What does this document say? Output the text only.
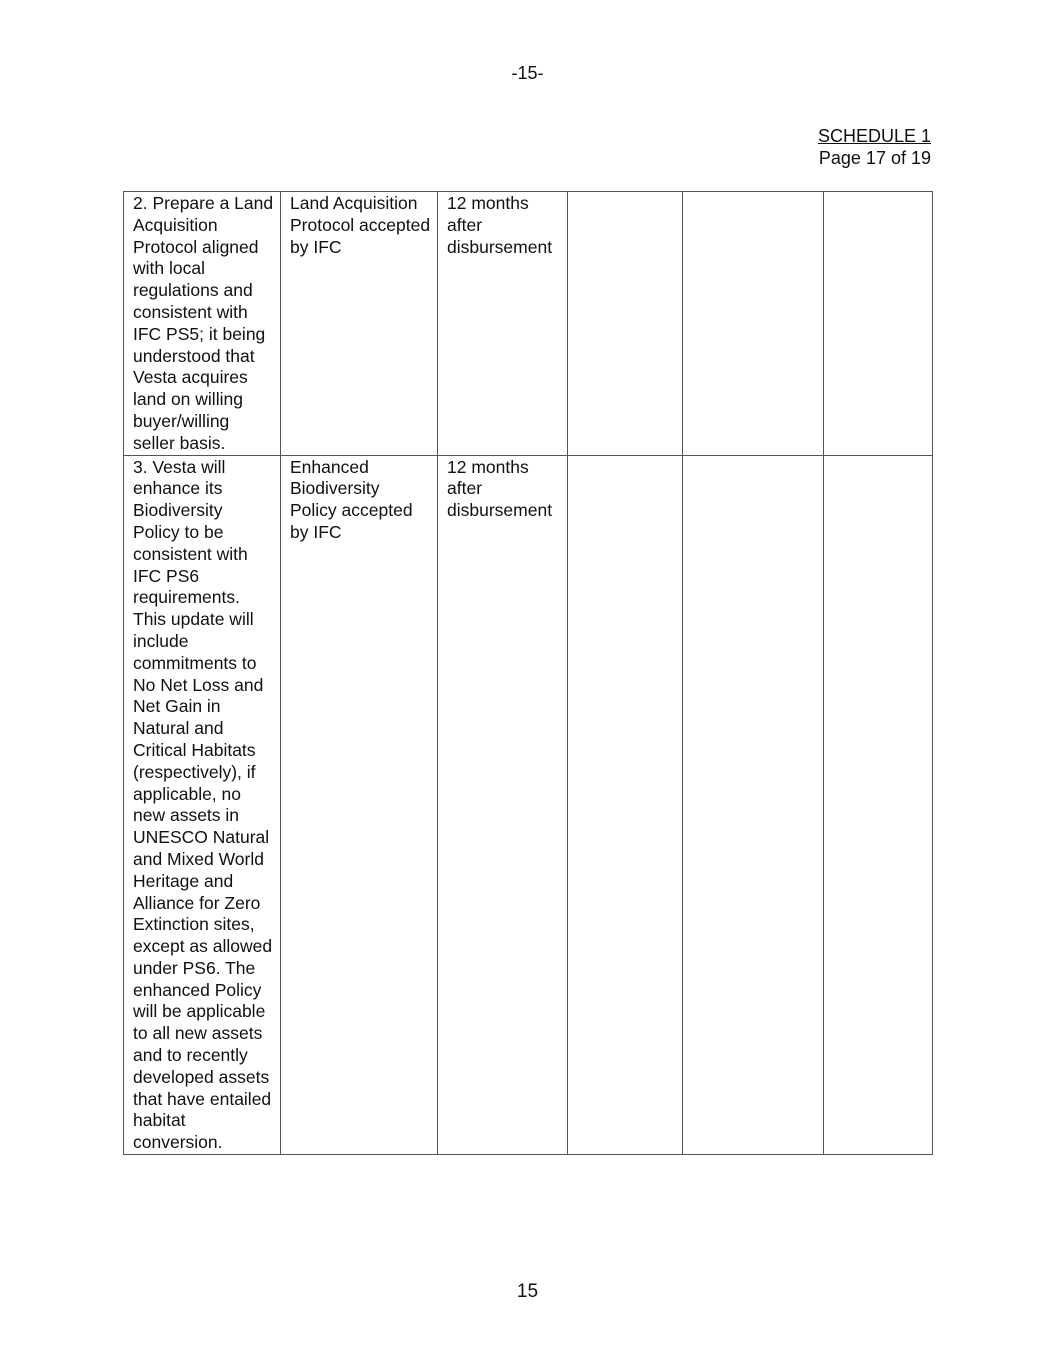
-15-
SCHEDULE 1
Page 17 of 19
2. Prepare a Land Acquisition Protocol aligned with local regulations and consistent with IFC PS5; it being understood that Vesta acquires land on willing buyer/willing seller basis.	Land Acquisition Protocol accepted by IFC	12 months after disbursement			

3. Vesta will enhance its Biodiversity Policy to be consistent with IFC PS6 requirements. This update will include commitments to No Net Loss and Net Gain in Natural and Critical Habitats (respectively), if applicable, no new assets in UNESCO Natural and Mixed World Heritage and Alliance for Zero Extinction sites, except as allowed under PS6. The enhanced Policy will be applicable to all new assets and to recently developed assets that have entailed habitat conversion.	Enhanced Biodiversity Policy accepted by IFC	12 months after disbursement			

15
